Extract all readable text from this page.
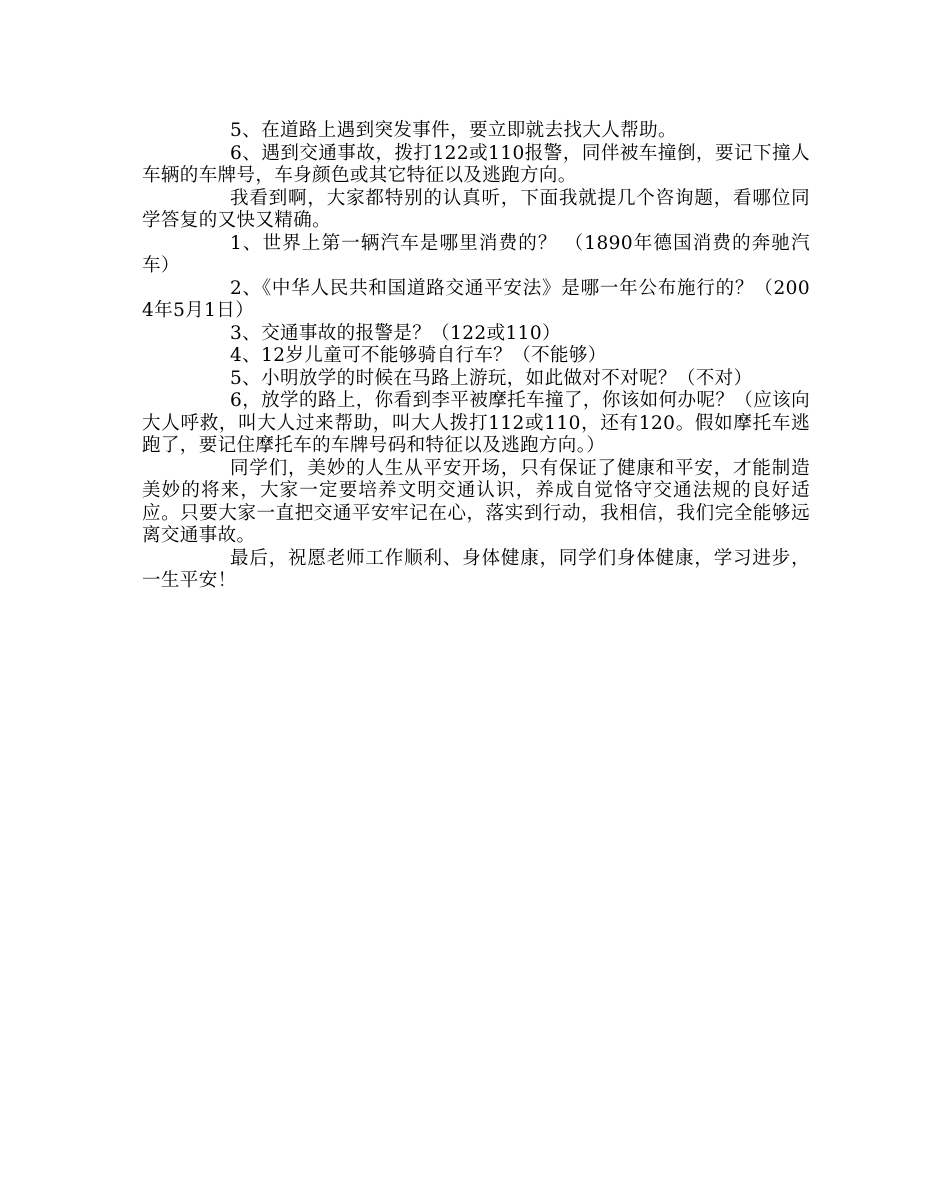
5、在道路上遇到突发事件，要立即就去找大人帮助。

6、遇到交通事故，拨打122或110报警，同伴被车撞倒，要记下撞人车辆的车牌号，车身颜色或其它特征以及逃跑方向。

我看到啊，大家都特别的认真听，下面我就提几个咨询题，看哪位同学答复的又快又精确。

1、世界上第一辆汽车是哪里消费的？ （1890年德国消费的奔驰汽车）

2、《中华人民共和国道路交通平安法》是哪一年公布施行的？（2004年5月1日）

3、交通事故的报警是？（122或110）

4、12岁儿童可不能够骑自行车？（不能够）

5、小明放学的时候在马路上游玩，如此做对不对呢？（不对）

6，放学的路上，你看到李平被摩托车撞了，你该如何办呢？（应该向大人呼救，叫大人过来帮助，叫大人拨打112或110，还有120。假如摩托车逃跑了，要记住摩托车的车牌号码和特征以及逃跑方向。）

同学们，美妙的人生从平安开场，只有保证了健康和平安，才能制造美妙的将来，大家一定要培养文明交通认识，养成自觉恪守交通法规的良好适应。只要大家一直把交通平安牢记在心，落实到行动，我相信，我们完全能够远离交通事故。

最后，祝愿老师工作顺利、身体健康，同学们身体健康，学习进步，一生平安！
